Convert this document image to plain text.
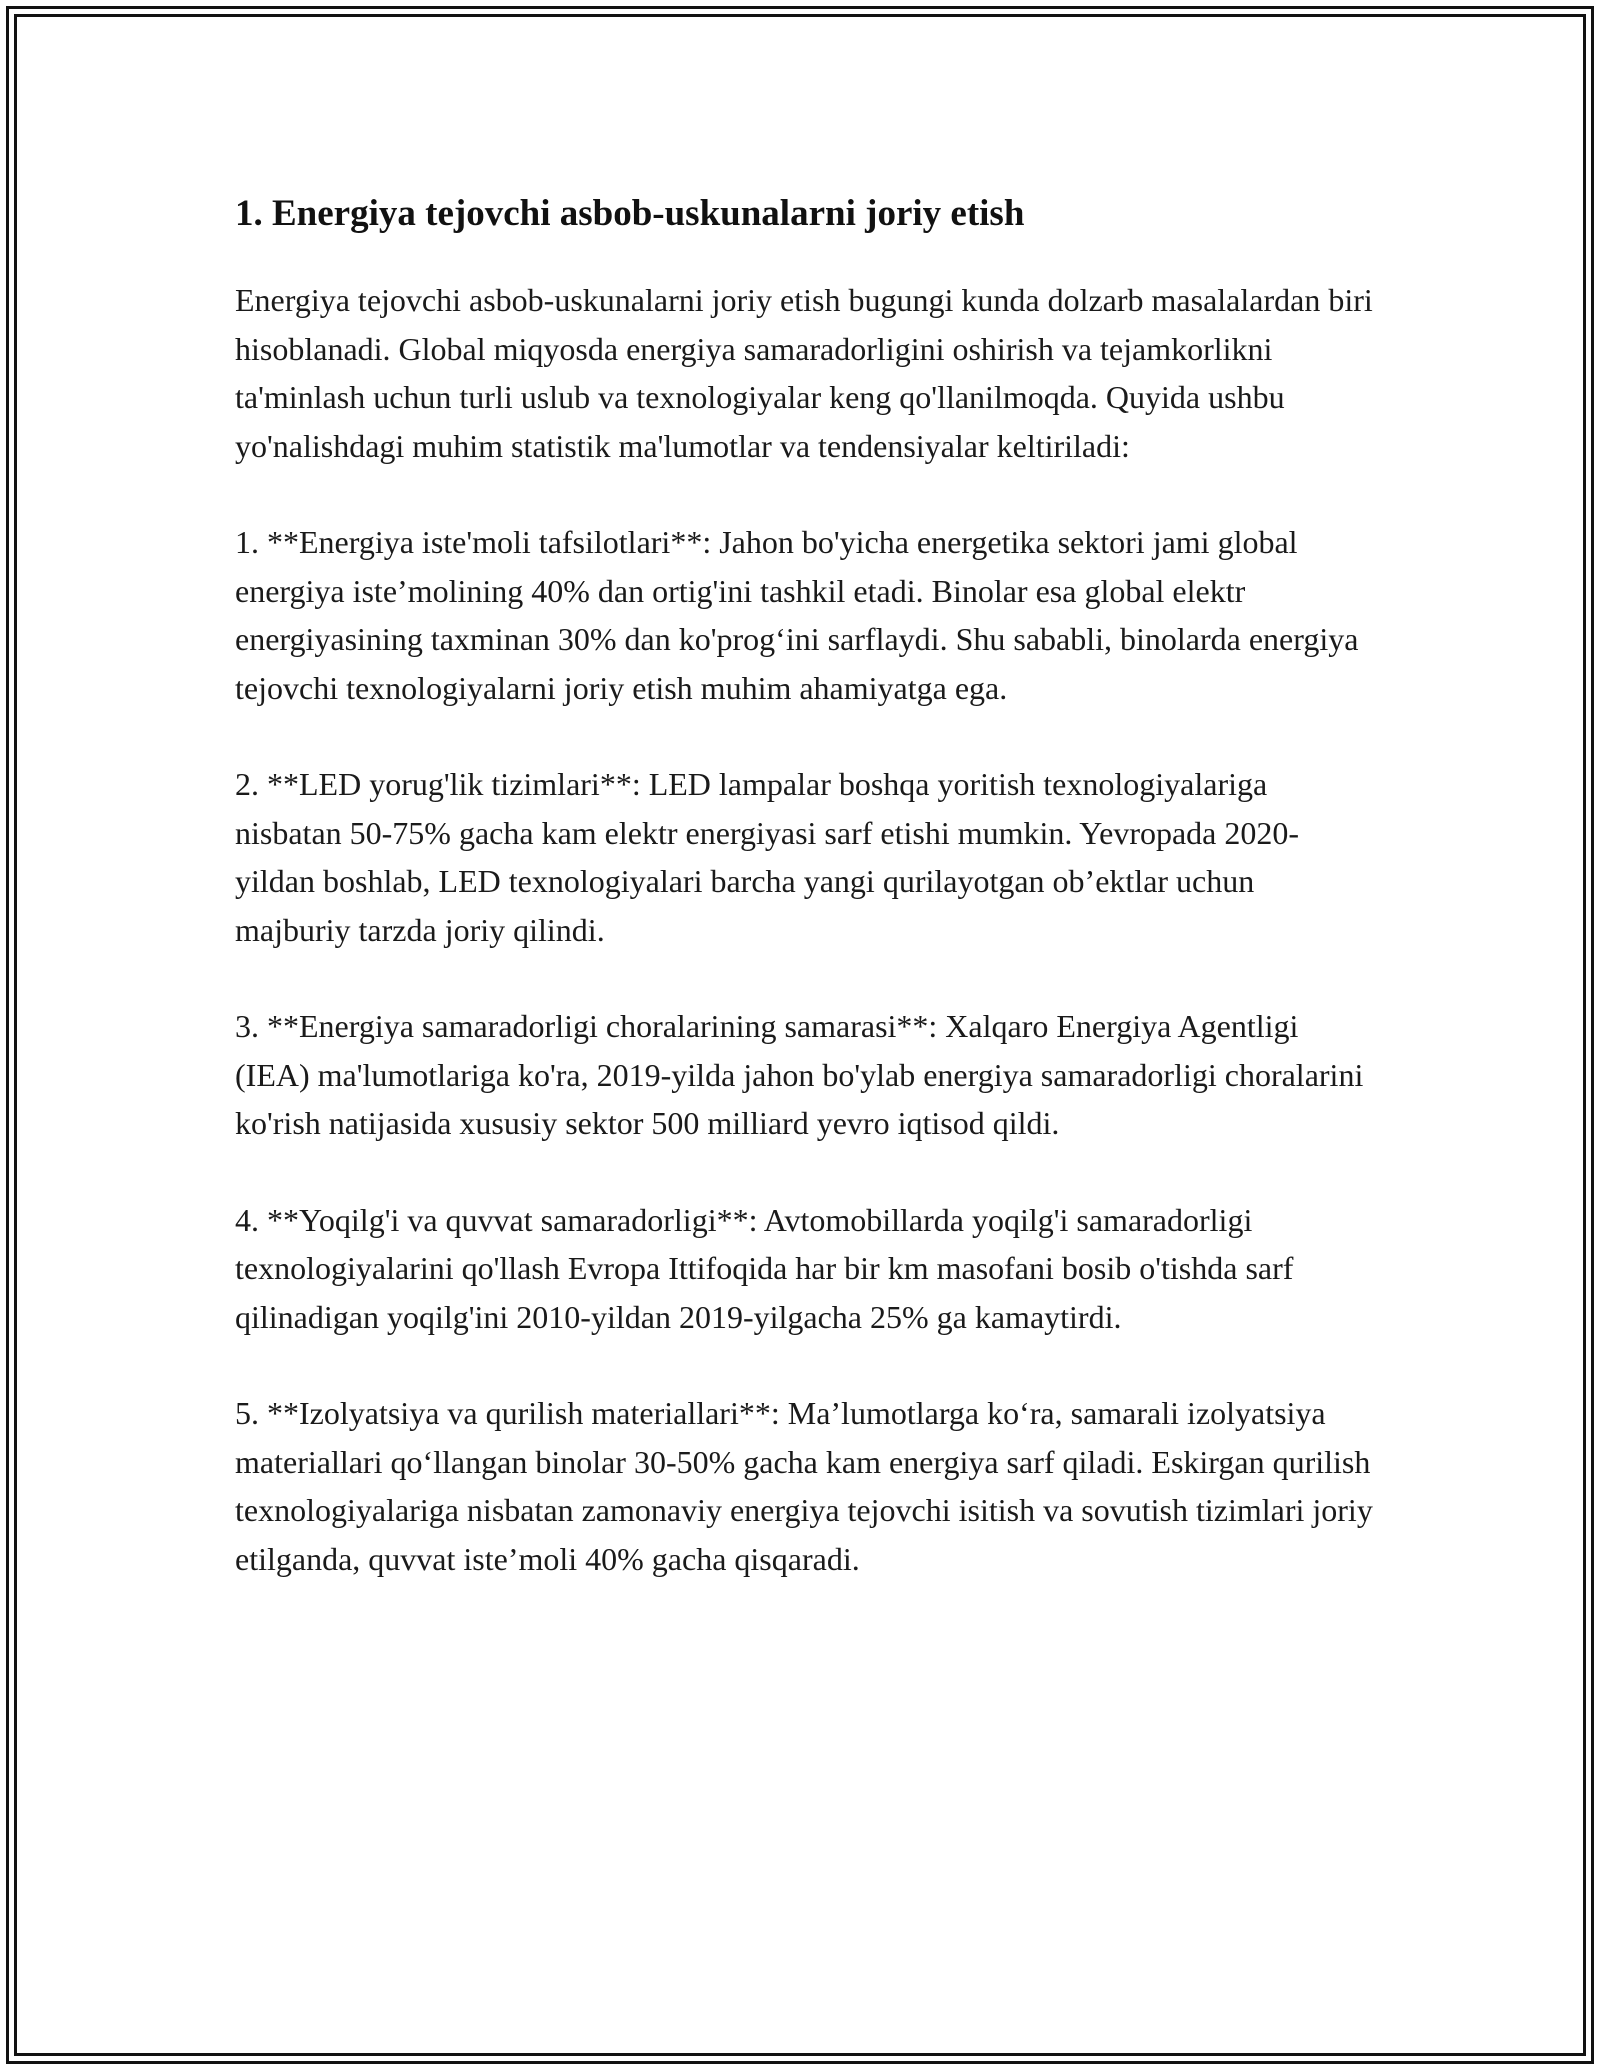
1. Energiya tejovchi asbob-uskunalarni joriy etish

Energiya tejovchi asbob-uskunalarni joriy etish bugungi kunda dolzarb masalalardan biri hisoblanadi. Global miqyosda energiya samaradorligini oshirish va tejamkorlikni ta'minlash uchun turli uslub va texnologiyalar keng qo'llanilmoqda. Quyida ushbu yo'nalishdagi muhim statistik ma'lumotlar va tendensiyalar keltiriladi:

1. **Energiya iste'moli tafsilotlari**: Jahon bo'yicha energetika sektori jami global energiya iste’molining 40% dan ortig'ini tashkil etadi. Binolar esa global elektr energiyasining taxminan 30% dan ko'prog‘ini sarflaydi. Shu sababli, binolarda energiya tejovchi texnologiyalarni joriy etish muhim ahamiyatga ega.

2. **LED yorug'lik tizimlari**: LED lampalar boshqa yoritish texnologiyalariga nisbatan 50-75% gacha kam elektr energiyasi sarf etishi mumkin. Yevropada 2020-yildan boshlab, LED texnologiyalari barcha yangi qurilayotgan ob’ektlar uchun majburiy tarzda joriy qilindi.

3. **Energiya samaradorligi choralarining samarasi**: Xalqaro Energiya Agentligi (IEA) ma'lumotlariga ko'ra, 2019-yilda jahon bo'ylab energiya samaradorligi choralarini ko'rish natijasida xususiy sektor 500 milliard yevro iqtisod qildi.

4. **Yoqilg'i va quvvat samaradorligi**: Avtomobillarda yoqilg'i samaradorligi texnologiyalarini qo'llash Evropa Ittifoqida har bir km masofani bosib o'tishda sarf qilinadigan yoqilg'ini 2010-yildan 2019-yilgacha 25% ga kamaytirdi.

5. **Izolyatsiya va qurilish materiallari**: Ma’lumotlarga ko‘ra, samarali izolyatsiya materiallari qo‘llangan binolar 30-50% gacha kam energiya sarf qiladi. Eskirgan qurilish texnologiyalariga nisbatan zamonaviy energiya tejovchi isitish va sovutish tizimlari joriy etilganda, quvvat iste’moli 40% gacha qisqaradi.
